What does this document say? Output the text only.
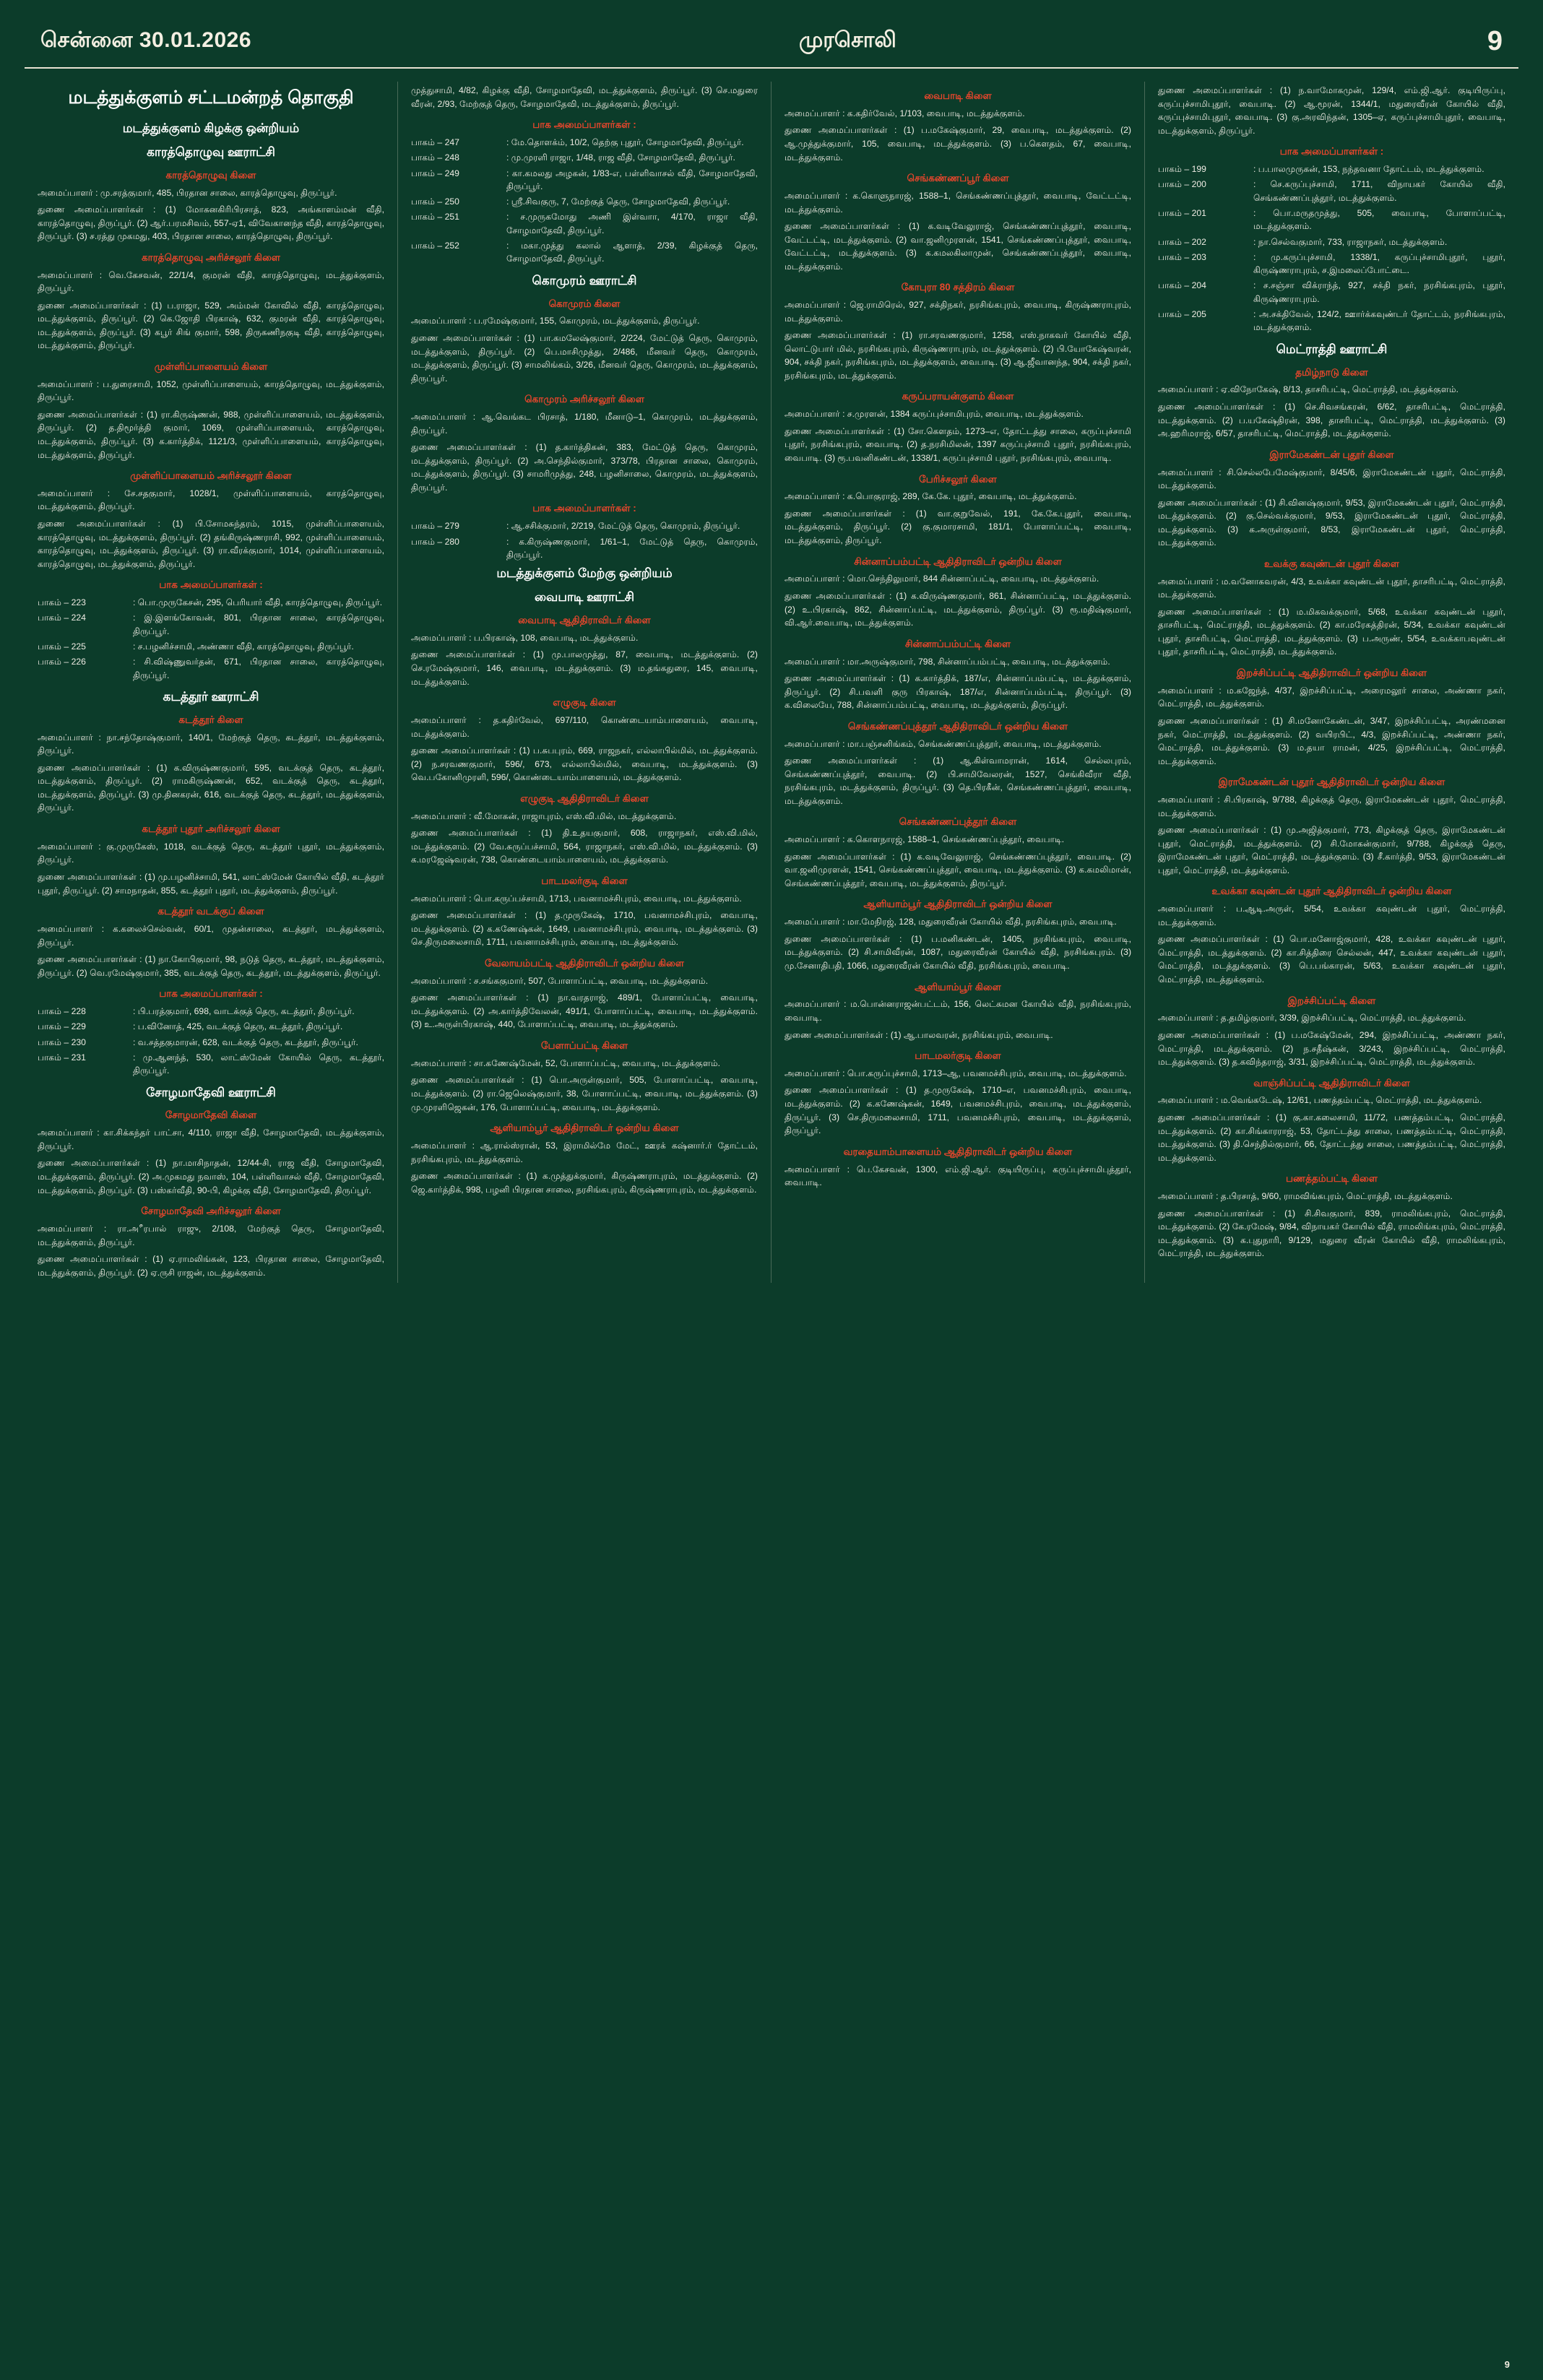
சென்னை 30.01.2026	முரசொலி	9
மடத்துக்குளம் சட்டமன்றத் தொகுதி
மடத்துக்குளம் கிழக்கு ஒன்றியம்
காரத்தொழுவு ஊராட்சி
காரத்தொழுவு கிளை
அமைப்பாளர் : மு.சரத்குமார், 485, பிரதான சாலை, காரத்தொழுவு, திருப்பூர்.
துணை அமைப்பாளர்கள் : (1) மோகனகிரிபிரசாத், 823, அங்காளம்மன் வீதி, காரத்தொழுவு, திருப்பூர். (2) ஆர்.பரமசிவம், 557-ஏ1, விவேகானந்த வீதி, காரத்தொழுவு, திருப்பூர். (3) ச.ரத்து முகமது, 403, பிரதான சாலை, காரத்தொழுவு, திருப்பூர்.
காரத்தொழுவு அரிச்சலூர் கிளை
அமைப்பாளர் : வெ.கேசவன், 22/1/4, குமரன் வீதி, காரத்தொழுவு, மடத்துக்குளம், திருப்பூர்.
துணை அமைப்பாளர்கள் : (1) ப.ராஜா, 529, அம்மன் கோவில் வீதி, காரத்தொழுவு, மடத்துக்குளம், திருப்பூர். (2) கெ.ஜோதி பிரகாஷ், 632, குமரன் வீதி, காரத்தொழுவு, மடத்துக்குளம், திருப்பூர். (3) கபூர் சிங் குமார், 598, திருகணிநகுடி வீதி, காரத்தொழுவு, மடத்துக்குளம், திருப்பூர்.
முள்ளிப்பாளையம் கிளை
அமைப்பாளர் : ப.துரைசாமி, 1052, முள்ளிப்பாளையம், காரத்தொழுவு, மடத்துக்குளம், திருப்பூர்.
துணை அமைப்பாளர்கள் : (1) ரா.கிருஷ்ணன், 988, முள்ளிப்பாளையம், மடத்துக்குளம், திருப்பூர். (2) த.திமூர்த்தி குமார், 1069, முள்ளிப்பாளையம், காரத்தொழுவு, மடத்துக்குளம், திருப்பூர். (3) க.கார்த்திக், 1121/3, முள்ளிப்பாளையம், காரத்தொழுவு, மடத்துக்குளம், திருப்பூர்.
முள்ளிப்பாளையம் அரிச்சலூர் கிளை
அமைப்பாளர் : சே.சதகுமார், 1028/1, முள்ளிப்பாளையம், காரத்தொழுவு, மடத்துக்குளம், திருப்பூர்.
துணை அமைப்பாளர்கள் : (1) பி.சோமசுந்தரம், 1015, முள்ளிப்பாளையம், காரத்தொழுவு, மடத்துக்குளம், திருப்பூர். (2) தங்கிருஷ்ணராசி, 992, முள்ளிப்பாளையம், காரத்தொழுவு, மடத்துக்குளம், திருப்பூர். (3) ரா.வீரக்குமார், 1014, முள்ளிப்பாளையம், காரத்தொழுவு, மடத்துக்குளம், திருப்பூர்.
பாக அமைப்பாளர்கள் :
பாகம் – 223	: பொ.முருகேசன், 295, பெரியார் வீதி, காரத்தொழுவு, திருப்பூர்.
பாகம் – 224	: இ.இளங்கோவன், 801, பிரதான சாலை, காரத்தொழுவு, திருப்பூர்.
பாகம் – 225	: ச.பழனிச்சாமி, அண்ணா வீதி, காரத்தொழுவு, திருப்பூர்.
பாகம் – 226	: சி.விஷ்ணுவர்தன், 671, பிரதான சாலை, காரத்தொழுவு, திருப்பூர்.
கடத்தூர் ஊராட்சி
கடத்தூர் கிளை
அமைப்பாளர் : நா.சந்தோஷ்குமார், 140/1, மேற்குத் தெரு, கடத்தூர், மடத்துக்குளம், திருப்பூர்.
துணை அமைப்பாளர்கள் : (1) க.விருஷ்ணகுமார், 595, வடக்குத் தெரு, கடத்தூர், மடத்துக்குளம், திருப்பூர். (2) ராமகிருஷ்ணன், 652, வடக்குத் தெரு, கடத்தூர், மடத்துக்குளம், திருப்பூர். (3) மு.தினகரன், 616, வடக்குத் தெரு, கடத்தூர், மடத்துக்குளம், திருப்பூர்.
கடத்தூர் புதூர் அரிச்சலூர் கிளை
அமைப்பாளர் : கு.முருகேஸ், 1018, வடக்குத் தெரு, கடத்தூர் புதூர், மடத்துக்குளம், திருப்பூர்.
துணை அமைப்பாளர்கள் : (1) மு.பழனிச்சாமி, 541, லாட்ஸ்மேன் கோயில் வீதி, கடத்தூர் புதூர், திருப்பூர். (2) சாமநாதன், 855, கடத்தூர் புதூர், மடத்துக்குளம், திருப்பூர்.
கடத்தூர் வடக்குப் கிளை
அமைப்பாளர் : க.கலைச்செல்வன், 60/1, முதன்சாலை, கடத்தூர், மடத்துக்குளம், திருப்பூர்.
துணை அமைப்பாளர்கள் : (1) நா.கோபிகுமார், 98, நடுத் தெரு, கடத்தூர், மடத்துக்குளம், திருப்பூர். (2) வெ.ரமேஷ்குமார், 385, வடக்குத் தெரு, கடத்தூர், மடத்துக்குளம், திருப்பூர்.
பாக அமைப்பாளர்கள் :
பாகம் – 228	: பி.பரத்குமார், 698, வாடக்குத் தெரு, கடத்தூர், திருப்பூர்.
பாகம் – 229	: ப.வினோத், 425, வடக்குத் தெரு, கடத்தூர், திருப்பூர்.
பாகம் – 230	: வ.சத்தகுமாரன், 628, வடக்குத் தெரு, கடத்தூர், திருப்பூர்.
பாகம் – 231	: மு.ஆனந்த், 530, லாட்ஸ்மேன் கோயில் தெரு, கடத்தூர், திருப்பூர்.
சோழமாதேவி ஊராட்சி
சோழமாதேவி கிளை
அமைப்பாளர் : கா.சிக்கந்தர் பாட்சா, 4/110, ராஜா வீதி, சோழமாதேவி, மடத்துக்குளம், திருப்பூர்.
துணை அமைப்பாளர்கள் : (1) நா.மாசிநாதன், 12/44-சி, ராஜ வீதி, சோழமாதேவி, மடத்துக்குளம், திருப்பூர். (2) அ.முகமது நவாஸ், 104, பள்ளிவாசல் வீதி, சோழமாதேவி, மடத்துக்குளம், திருப்பூர். (3) பஸ்கர்வீதி, 90-பி, கிழக்கு வீதி, சோழமாதேவி, திருப்பூர்.
சோழமாதேவி அரிச்சலூர் கிளை
அமைப்பாளர் : ரா.அீரபால் ராஜு, 2/108, மேற்குத் தெரு, சோழமாதேவி, மடத்துக்குளம், திருப்பூர்.
துணை அமைப்பாளர்கள் : (1) ஏ.ராமலிங்கன், 123, பிரதான சாலை, சோழமாதேவி, மடத்துக்குளம், திருப்பூர். (2) ஏ.ருசி ராஜன், மடத்துக்குளம்.
முத்துசாமி, 4/82, கிழக்கு வீதி, சோழமாதேவி, மடத்துக்குளம், திருப்பூர். (3) செ.மதுரை வீரன், 2/93, மேற்குத் தெரு, சோழமாதேவி, மடத்துக்குளம், திருப்பூர்.
பாக அமைப்பாளர்கள் :
பாகம் – 247	: மே.தொளக்ம், 10/2, தெற்கு புதூர், சோழமாதேவி, திருப்பூர்.
பாகம் – 248	: மு.முரளி ராஜா, 1/48, ராஜ வீதி, சோழமாதேவி, திருப்பூர்.
பாகம் – 249	: கா.கமலது அழகன், 1/83-எ, பள்ளிவாசல் வீதி, சோழமாதேவி, திருப்பூர்.
பாகம் – 250	: ஸ்ரீ.சிவகுரு, 7, மேற்குத் தெரு, சோழமாதேவி, திருப்பூர்.
பாகம் – 251	: ச.முருகமோது அணி இள்வாா, 4/170, ராஜா வீதி, சோழமாதேவி, திருப்பூர்.
பாகம் – 252	: மகா.முத்து கலால் ஆளாத், 2/39, கிழக்குத் தெரு, சோழமாதேவி, திருப்பூர்.
கொமுரம் ஊராட்சி
கொமுரம் கிளை
அமைப்பாளர் : ப.ரமேஷ்குமார், 155, கொமுரம், மடத்துக்குளம், திருப்பூர்.
துணை அமைப்பாளர்கள் : (1) பா.கமலேஷ்குமார், 2/224, மேட்டுத் தெரு, கொமுரம், மடத்துக்குளம், திருப்பூர். (2) பெ.மாசிமுத்து, 2/486, மீனவர் தெரு, கொமுரம், மடத்துக்குளம், திருப்பூர். (3) சாமலிங்கம், 3/26, மீனவர் தெரு, கொமுரம், மடத்துக்குளம், திருப்பூர்.
கொமுரம் அரிச்சலூர் கிளை
அமைப்பாளர் : ஆ.வெங்கட பிரசாத், 1/180, மீனாடு–1, கொமுரம், மடத்துக்குளம், திருப்பூர்.
துணை அமைப்பாளர்கள் : (1) த.கார்த்திகன், 383, மேட்டுத் தெரு, கொமுரம், மடத்துக்குளம், திருப்பூர். (2) அ.செந்தில்குமார், 373/78, பிரதான சாலை, கொமுரம், மடத்துக்குளம், திருப்பூர். (3) சாமரிமுத்து, 248, பழனிசாலை, கொமுரம், மடத்துக்குளம், திருப்பூர்.
பாக அமைப்பாளர்கள் :
பாகம் – 279	: ஆ.சசிக்குமார், 2/219, மேட்டுத் தெரு, கொமுரம், திருப்பூர்.
பாகம் – 280	: க.கிருஷ்ணகுமார், 1/61–1, மேட்டுத் தெரு, கொமுரம், திருப்பூர்.
மடத்துக்குளம் மேற்கு ஒன்றியம்
வைபாடி ஊராட்சி
வைபாடி ஆதிதிராவிடர் கிளை
அமைப்பாளர் : ப.பிரகாஷ், 108, வைபாடி, மடத்துக்குளம்.
துணை அமைப்பாளர்கள் : (1) மு.பாலமுத்து, 87, வைபாடி, மடத்துக்குளம். (2) செ.ரமேஷ்குமார், 146, வைபாடி, மடத்துக்குளம். (3) ம.தங்கதுரை, 145, வைபாடி, மடத்துக்குளம்.
எழுகுடி கிளை
அமைப்பாளர் : த.கதிர்வேல், 697/110, கொண்டையாம்பாளையம், வைபாடி, மடத்துக்குளம்.
துணை அமைப்பாளர்கள் : (1) ப.சுபபுரம், 669, ராஜநகர், எல்லாபில்மில், மடத்துக்குளம். (2) ந.சரவணகுமார், 596/, 673, எல்லாபில்மில், வைபாடி, மடத்துக்குளம். (3) வெ.பகோனிமுரளி, 596/, கொண்டையாம்பாளையம், மடத்துக்குளம்.
எழுகுடி ஆதிதிராவிடர் கிளை
அமைப்பாளர் : வீ.மோகன், ராஜாபுரம், எஸ்.வி.மில், மடத்துக்குளம்.
துணை அமைப்பாளர்கள் : (1) தி.உதயகுமார், 608, ராஜாநகர், எஸ்.வி.மில், மடத்துக்குளம். (2) வே.சுருப்பச்சாமி, 564, ராஜாநகர், எஸ்.வி.மில், மடத்துக்குளம். (3) க.மரஜேஷ்வரன், 738, கொண்டையாம்பாளையம், மடத்துக்குளம்.
பாடமலர்குடி கிளை
அமைப்பாளர் : பொ.கருப்பச்சாமி, 1713, பவனாமச்சிபுரம், வைபாடி, மடத்துக்குளம்.
துணை அமைப்பாளர்கள் : (1) த.முருகேஷ், 1710, பவனாமச்சிபுரம், வைபாடி, மடத்துக்குளம். (2) க.கணேஷ்கன், 1649, பவனாமச்சிபுரம், வைபாடி, மடத்துக்குளம். (3) செ.திருமலைசாமி, 1711, பவனாமச்சிபுரம், வைபாடி, மடத்துக்குளம்.
வேலாயம்பட்டி ஆதிதிராவிடர் ஒன்றிய கிளை
அமைப்பாளர் : ச.சங்ககுமார், 507, போளாப்பட்டி, வைபாடி, மடத்துக்குளம்.
துணை அமைப்பாளர்கள் : (1) நா.வரதராஜ், 489/1, போளாப்பட்டி, வைபாடி, மடத்துக்குளம். (2) அ.கார்த்திவேலன், 491/1, போளாப்பட்டி, வைபாடி, மடத்துக்குளம். (3) உ.அருள்பிரகாஷ், 440, போளாப்பட்டி, வைபாடி, மடத்துக்குளம்.
பேளாப்பட்டி கிளை
அமைப்பாளர் : சா.கணேஷ்மேன், 52, போளாப்பட்டி, வைபாடி, மடத்துக்குளம்.
துணை அமைப்பாளர்கள் : (1) பொ.அருள்குமார், 505, போளாப்பட்டி, வைபாடி, மடத்துக்குளம். (2) ரா.ஜெலெஷ்குமார், 38, போளாப்பட்டி, வைபாடி, மடத்துக்குளம். (3) மு.முரளிஜெகன், 176, போளாப்பட்டி, வைபாடி, மடத்துக்குளம்.
ஆளியாம்பூர் ஆதிதிராவிடர் ஒன்றிய கிளை
அமைப்பாளர் : ஆ.ரால்ஸ்ரான், 53, இராமில்மே மேட், ஊரக் கஷ்னார்.ர் தோட்டம், நரசிங்கபுரம், மடத்துக்குளம்.
துணை அமைப்பாளர்கள் : (1) க.முத்துக்குமார், கிருஷ்ணராபுரம், மடத்துக்குளம். (2) ஜெ.கார்த்திக், 998, பழனி பிரதான சாலை, நரசிங்கபுரம், கிருஷ்ணராபுரம், மடத்துக்குளம்.
வைபாடி கிளை
அமைப்பாளர் : க.கதிர்வேல், 1/103, வைபாடி, மடத்துக்குளம்.
துணை அமைப்பாளர்கள் : (1) ப.மகேஷ்குமார், 29, வைபாடி, மடத்துக்குளம். (2) ஆ.முத்துக்குமார், 105, வைபாடி, மடத்துக்குளம். (3) ப.கௌதம், 67, வைபாடி, மடத்துக்குளம்.
செங்கண்ணப்பூர் கிளை
அமைப்பாளர் : க.கொளுநாரஜ், 1588–1, செங்கண்ணப்புத்தூர், வைபாடி, வேட்டட்டி, மடத்துக்குளம்.
துணை அமைப்பாளர்கள் : (1) க.வடிவேலுராஜ், செங்கண்ணப்புத்தூர், வைபாடி, வேட்டட்டி, மடத்துக்குளம். (2) வா.ஜனிமுரளன், 1541, செங்கண்ணப்புத்தூர், வைபாடி, வேட்டட்டி, மடத்துக்குளம். (3) க.கமலகிலாமுன், செங்கண்ணப்புத்தூர், வைபாடி, மடத்துக்குளம்.
கோபுரா 80 சத்திரம் கிளை
அமைப்பாளர் : ஜெ.ராமிரெல், 927, சக்திநகர், நரசிங்கபுரம், வைபாடி, கிருஷ்ணராபுரம், மடத்துக்குளம்.
துணை அமைப்பாளர்கள் : (1) ரா.சரவணகுமார், 1258, எஸ்.நாகவர் கோயில் வீதி, லொட்டுபார் மில், நரசிங்கபுரம், கிருஷ்ணராபுரம், மடத்துக்குளம். (2) பி.யோகேஷ்வரன், 904, சக்தி நகர், நரசிங்கபுரம், மடத்துக்குளம், வைபாடி. (3) ஆ.ஜீவானந்த, 904, சக்தி நகர், நரசிங்கபுரம், மடத்துக்குளம்.
கருப்பராயன்குளம் கிளை
அமைப்பாளர் : ச.முரளன், 1384 கருப்புச்சாமிபுரம், வைபாடி, மடத்துக்குளம்.
துணை அமைப்பாளர்கள் : (1) சோ.கௌதம், 1273–எ, தோட்டத்து சாலை, கருப்புச்சாமி புதூர், நரசிங்கபுரம், வைபாடி. (2) த.நரசிமிலன், 1397 கருப்புச்சாமி புதூர், நரசிங்கபுரம், வைபாடி. (3) ரூ.பவனிகண்டன், 1338/1, கருப்புச்சாமி புதூர், நரசிங்கபுரம், வைபாடி.
பேரிச்சலூர் கிளை
அமைப்பாளர் : க.பொகுராஜ், 289, கே.கே. புதூர், வைபாடி, மடத்துக்குளம்.
துணை அமைப்பாளர்கள் : (1) வா.குறுவேல், 191, கே.கே.புதூர், வைபாடி, மடத்துக்குளம், திருப்பூர். (2) கு.குமாரசாமி, 181/1, போளாப்பட்டி, வைபாடி, மடத்துக்குளம், திருப்பூர்.
சின்னாப்பம்பட்டி ஆதிதிராவிடர் ஒன்றிய கிளை
அமைப்பாளர் : மொ.செந்திலுமார், 844 சின்னாப்பட்டி, வைபாடி, மடத்துக்குளம்.
துணை அமைப்பாளர்கள் : (1) க.விருஷ்ணகுமார், 861, சின்னாப்பட்டி, மடத்துக்குளம். (2) உ.பிரகாஷ், 862, சின்னாப்பட்டி, மடத்துக்குளம், திருப்பூர். (3) ரூ.மதிஷ்குமார், வி.ஆர்.வைபாடி, மடத்துக்குளம்.
சின்னாப்பம்பட்டி கிளை
அமைப்பாளர் : மா.அருஷ்குமார், 798, சின்னாப்பம்பட்டி, வைபாடி, மடத்துக்குளம்.
துணை அமைப்பாளர்கள் : (1) க.கார்த்திக், 187/எ, சின்னாப்பம்பட்டி, மடத்துக்குளம், திருப்பூர். (2) சி.பவளி குரு பிரகாஷ், 187/எ, சின்னாப்பம்பட்டி, திருப்பூர். (3) க.விலையே, 788, சின்னாப்பம்பட்டி, வைபாடி, மடத்துக்குளம், திருப்பூர்.
செங்கண்ணப்புத்தூர் ஆதிதிராவிடர் ஒன்றிய கிளை
அமைப்பாளர் : மா.பஞ்சனிங்கம், செங்கண்ணப்புத்தூர், வைபாடி, மடத்துக்குளம்.
துணை அமைப்பாளர்கள் : (1) ஆ.கிள்வாமரான், 1614, செல்லபுரம், செங்கண்ணப்புத்தூர், வைபாடி. (2) பி.சாமிவேலரன், 1527, செங்கிவீரா வீதி, நரசிங்கபுரம், மடத்துக்குளம், திருப்பூர். (3) தெ.பிரகீன், செங்கண்ணப்புத்தூர், வைபாடி, மடத்துக்குளம்.
செங்கண்ணப்புத்தூர் கிளை
அமைப்பாளர் : க.கொளநாரஜ், 1588–1, செங்கண்ணப்புத்தூர், வைபாடி.
துணை அமைப்பாளர்கள் : (1) க.வடிவேலுராஜ், செங்கண்ணப்புத்தூர், வைபாடி. (2) வா.ஜனிமுரளன், 1541, செங்கண்ணப்புத்தூர், வைபாடி, மடத்துக்குளம். (3) க.கமலிமான், செங்கண்ணப்புத்தூர், வைபாடி, மடத்துக்குளம், திருப்பூர்.
ஆளியாம்பூர் ஆதிதிராவிடர் ஒன்றிய கிளை
அமைப்பாளர் : மா.மேநிரஜ், 128, மதுரைவீரன் கோயில் வீதி, நரசிங்கபுரம், வைபாடி.
துணை அமைப்பாளர்கள் : (1) ப.மனிகண்டன், 1405, நரசிங்கபுரம், வைபாடி, மடத்துக்குளம். (2) சி.சாமிவீரன், 1087, மதுரைவீரன் கோயில் வீதி, நரசிங்கபுரம். (3) மு.சேனாதிபதி, 1066, மதுரைவீரன் கோயில் வீதி, நரசிங்கபுரம், வைபாடி.
ஆளியாம்பூர் கிளை
அமைப்பாளர் : ம.பொன்னராஜன்பட்டம், 156, லெட்சுமன கோயில் வீதி, நரசிங்கபுரம், வைபாடி.
துணை அமைப்பாளர்கள் : (1) ஆ.பாலவரன், நரசிங்கபுரம், வைபாடி.
பாடமலர்குடி கிளை
அமைப்பாளர் : பொ.கருப்புச்சாமி, 1713–ஆ, பவனமச்சிபுரம், வைபாடி, மடத்துக்குளம்.
துணை அமைப்பாளர்கள் : (1) த.முருகேஷ், 1710–எ, பவனமச்சிபுரம், வைபாடி, மடத்துக்குளம். (2) க.கணேஷ்கன், 1649, பவனமச்சிபுரம், வைபாடி, மடத்துக்குளம், திருப்பூர். (3) செ.திருமலைசாமி, 1711, பவனமச்சிபுரம், வைபாடி, மடத்துக்குளம், திருப்பூர்.
வரதையாம்பாளையம் ஆதிதிராவிடர் ஒன்றிய கிளை
அமைப்பாளர் : பெ.கேசவன், 1300, எம்.ஜி.ஆர். குடியிருப்பு, கருப்புச்சாமிபுத்தூர், வைபாடி.
துணை அமைப்பாளர்கள் : (1) ந.வாமோகமுன், 129/4, எம்.ஜி.ஆர். குடியிருப்பு, கருப்புச்சாமிபுதூர், வைபாடி. (2) ஆ.மூரன், 1344/1, மதுரைவீரன் கோயில் வீதி, கருப்புச்சாமிபுதூர், வைபாடி. (3) கு.அரவிந்தன், 1305–ஏ, கருப்புச்சாமிபுதூர், வைபாடி, மடத்துக்குளம், திருப்பூர்.
பாக அமைப்பாளர்கள் :
பாகம் – 199	: ப.பாலமுருகன், 153, நந்தவனா தோட்டம், மடத்துக்குளம்.
பாகம் – 200	: செ.கருப்புச்சாமி, 1711, விநாயகர் கோயில் வீதி, செங்கண்ணப்புத்தூர், மடத்துக்குளம்.
பாகம் – 201	: பொ.மருதமுத்து, 505, வைபாடி, போளாப்பட்டி, மடத்துக்குளம்.
பாகம் – 202	: நா.செல்வகுமார், 733, ராஜாநகர், மடத்துக்குளம்.
பாகம் – 203	: மு.கருப்புச்சாமி, 1338/1, கருப்புச்சாமிபுதூர், புதூர், கிருஷ்ணராபுரம், ச.இமலைப்போட்டை.
பாகம் – 204	: ச.சஞ்சா விக்ராந்த், 927, சக்தி நகர், நரசிங்கபுரம், புதூர், கிருஷ்ணராபுரம்.
பாகம் – 205	: அ.சக்திவேல், 124/2, ஊார்க்கவுண்டர் தோட்டம், நரசிங்கபுரம், மடத்துக்குளம்.
மெட்ராத்தி ஊராட்சி
தமிழ்நாடு கிளை
அமைப்பாளர் : ஏ.விநோகேஷ், 8/13, தாசரிபட்டி, மெட்ராத்தி, மடத்துக்குளம்.
துணை அமைப்பாளர்கள் : (1) செ.சிவசங்கரன், 6/62, தாசரிபட்டி, மெட்ராத்தி, மடத்துக்குளம். (2) ப.யகேஷ்திரன், 398, தாசரிபட்டி, மெட்ராத்தி, மடத்துக்குளம். (3) அ.ஹரிமராஜ், 6/57, தாசரிபட்டி, மெட்ராத்தி, மடத்துக்குளம்.
இராமேகண்டன் புதூர் கிளை
அமைப்பாளர் : சி.செல்லபேமேஷ்குமார், 8/45/6, இராமேகண்டன் புதூர், மெட்ராத்தி, மடத்துக்குளம்.
துணை அமைப்பாளர்கள் : (1) சி.வினஷ்குமார், 9/53, இராமேகண்டன் புதூர், மெட்ராத்தி, மடத்துக்குளம். (2) கு.செல்வக்குமார், 9/53, இராமேகண்டன் புதூர், மெட்ராத்தி, மடத்துக்குளம். (3) க.அருள்குமார், 8/53, இராமேகண்டன் புதூர், மெட்ராத்தி, மடத்துக்குளம்.
உவக்கு கவுண்டன் புதூர் கிளை
அமைப்பாளர் : ம.வனோகவரன், 4/3, உவக்கா கவுண்டன் புதூர், தாசரிபட்டி, மெட்ராத்தி, மடத்துக்குளம்.
துணை அமைப்பாளர்கள் : (1) ம.மிகவக்குமார், 5/68, உவக்கா கவுண்டன் புதூர், தாசரிபட்டி, மெட்ராத்தி, மடத்துக்குளம். (2) கா.மரேகத்திரன், 5/34, உவக்கா கவுண்டன் புதூர், தாசரிபட்டி, மெட்ராத்தி, மடத்துக்குளம். (3) ப.அருண், 5/54, உவக்காபவுண்டன் புதூர், தாசரிபட்டி, மெட்ராத்தி, மடத்துக்குளம்.
இறச்சிப்பட்டி ஆதிதிராவிடர் ஒன்றிய கிளை
அமைப்பாளர் : ம.கஜேந்த், 4/37, இறச்சிப்பட்டி, அரைமலூர் சாலை, அண்ணா நகர், மெட்ராத்தி, மடத்துக்குளம்.
துணை அமைப்பாளர்கள் : (1) சி.மனோகேண்டன், 3/47, இறச்சிப்பட்டி, அரண்மனை நகர், மெட்ராத்தி, மடத்துக்குளம். (2) வயிரபிட், 4/3, இறச்சிப்பட்டி, அண்ணா நகர், மெட்ராத்தி, மடத்துக்குளம். (3) ம.தயா ராமன், 4/25, இறச்சிப்பட்டி, மெட்ராத்தி, மடத்துக்குளம்.
இராமேகண்டன் புதூர் ஆதிதிராவிடர் ஒன்றிய கிளை
அமைப்பாளர் : சி.பிரகாஷ், 9/788, கிழக்குத் தெரு, இராமேகண்டன் புதூர், மெட்ராத்தி, மடத்துக்குளம்.
துணை அமைப்பாளர்கள் : (1) மு.அஜித்குமார், 773, கிழக்குத் தெரு, இராமேகண்டன் புதூர், மெட்ராத்தி, மடத்துக்குளம். (2) சி.மோகன்குமார், 9/788, கிழக்குத் தெரு, இராமேகண்டன் புதூர், மெட்ராத்தி, மடத்துக்குளம். (3) சீ.கார்த்தி, 9/53, இராமேகண்டன் புதூர், மெட்ராத்தி, மடத்துக்குளம்.
உவக்கா கவுண்டன் புதூர் ஆதிதிராவிடர் ஒன்றிய கிளை
அமைப்பாளர் : ப.ஆடி.அருள், 5/54, உவக்கா கவுண்டன் புதூர், மெட்ராத்தி, மடத்துக்குளம்.
துணை அமைப்பாளர்கள் : (1) பொ.மனோஜ்குமார், 428, உவக்கா கவுண்டன் புதூர், மெட்ராத்தி, மடத்துக்குளம். (2) கா.சித்திரை செல்லன், 447, உவக்கா கவுண்டன் புதூர், மெட்ராத்தி, மடத்துக்குளம். (3) பெ.பங்காரன், 5/63, உவக்கா கவுண்டன் புதூர், மெட்ராத்தி, மடத்துக்குளம்.
இறச்சிப்பட்டி கிளை
அமைப்பாளர் : த.தமிழ்குமார், 3/39, இறச்சிப்பட்டி, மெட்ராத்தி, மடத்துக்குளம்.
துணை அமைப்பாளர்கள் : (1) ப.மகேஷ்மேன், 294, இறச்சிப்பட்டி, அண்ணா நகர், மெட்ராத்தி, மடத்துக்குளம். (2) ந.சதீஷ்கன், 3/243, இறச்சிப்பட்டி, மெட்ராத்தி, மடத்துக்குளம். (3) த.கவிந்தராஜ், 3/31, இறச்சிப்பட்டி, மெட்ராத்தி, மடத்துக்குளம்.
வாஞ்சிப்பட்டி ஆதிதிராவிடர் கிளை
அமைப்பாளர் : ம.வெங்கடேஷ், 12/61, பணத்தம்பட்டி, மெட்ராத்தி, மடத்துக்குளம்.
துணை அமைப்பாளர்கள் : (1) கு.கா.கலைசாமி, 11/72, பணத்தம்பட்டி, மெட்ராத்தி, மடத்துக்குளம். (2) கா.சிங்காரராஜ், 53, தோட்டத்து சாலை, பணத்தம்பட்டி, மெட்ராத்தி, மடத்துக்குளம். (3) தி.செந்தில்குமார், 66, தோட்டத்து சாலை, பணத்தம்பட்டி, மெட்ராத்தி, மடத்துக்குளம்.
பணத்தம்பட்டி கிளை
அமைப்பாளர் : த.பிரசாத், 9/60, ராமவிங்கபுரம், மெட்ராத்தி, மடத்துக்குளம்.
துணை அமைப்பாளர்கள் : (1) சி.சிவகுமார், 839, ராமலிங்கபுரம், மெட்ராத்தி, மடத்துக்குளம். (2) கே.ரமேஷ், 9/84, விநாயகர் கோயில் வீதி, ராமலிங்கபுரம், மெட்ராத்தி, மடத்துக்குளம். (3) க.புதுநாரி, 9/129, மதுரை வீரன் கோயில் வீதி, ராமலிங்கபுரம், மெட்ராத்தி, மடத்துக்குளம்.
9
